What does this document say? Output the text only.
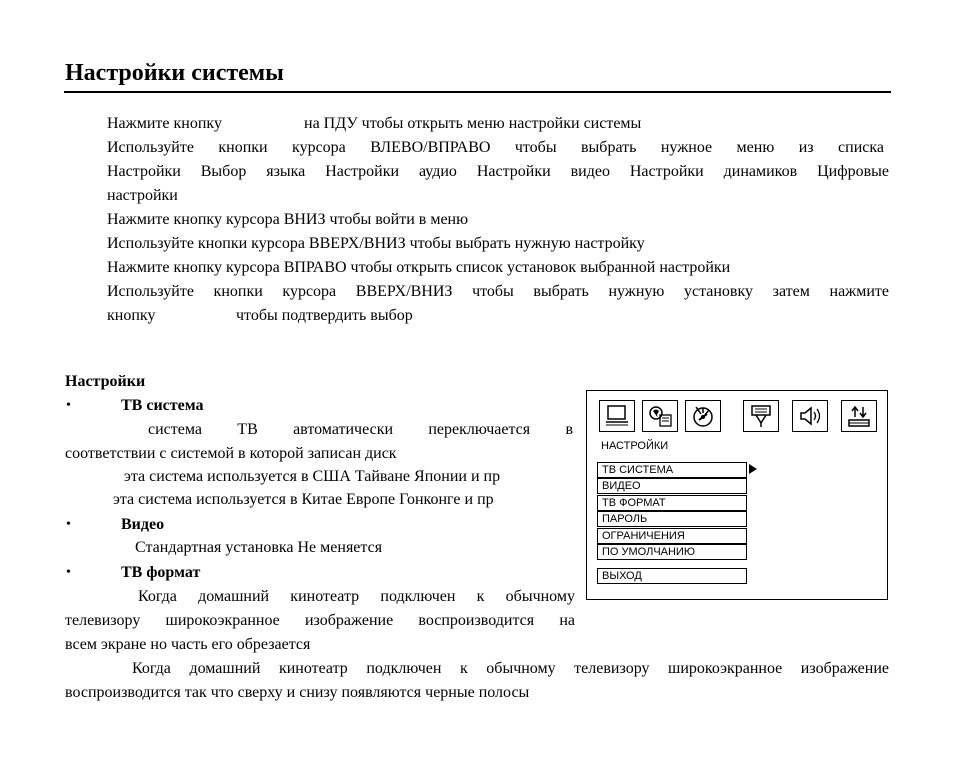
Настройки системы
Нажмите кнопку	на ПДУ чтобы открыть меню настройки системы
Используйте кнопки курсора ВЛЕВО/ВПРАВО чтобы выбрать нужное меню из списка
Настройки Выбор языка Настройки аудио Настройки видео Настройки динамиков Цифровые
настройки
Нажмите кнопку курсора ВНИЗ чтобы войти в меню
Используйте кнопки курсора ВВЕРХ/ВНИЗ чтобы выбрать нужную настройку
Нажмите кнопку курсора ВПРАВО чтобы открыть список установок выбранной настройки
Используйте кнопки курсора ВВЕРХ/ВНИЗ чтобы выбрать нужную установку затем нажмите
кнопку	чтобы подтвердить выбор
Настройки
•	ТВ система
система ТВ автоматически переключается в
соответствии с системой в которой записан диск
эта система используется в США Тайване Японии и пр
эта система используется в Китае Европе Гонконге и пр
•	Видео
Стандартная установка Не меняется
•	ТВ формат
Когда домашний кинотеатр подключен к обычному
телевизору широкоэкранное изображение воспроизводится на
всем экране но часть его обрезается
Когда домашний кинотеатр подключен к обычному телевизору широкоэкранное изображение
воспроизводится так что сверху и снизу появляются черные полосы
НАСТРОЙКИ
ТВ СИСТЕМА
ВИДЕО
ТВ ФОРМАТ
ПАРОЛЬ
ОГРАНИЧЕНИЯ
ПО УМОЛЧАНИЮ
ВЫХОД
